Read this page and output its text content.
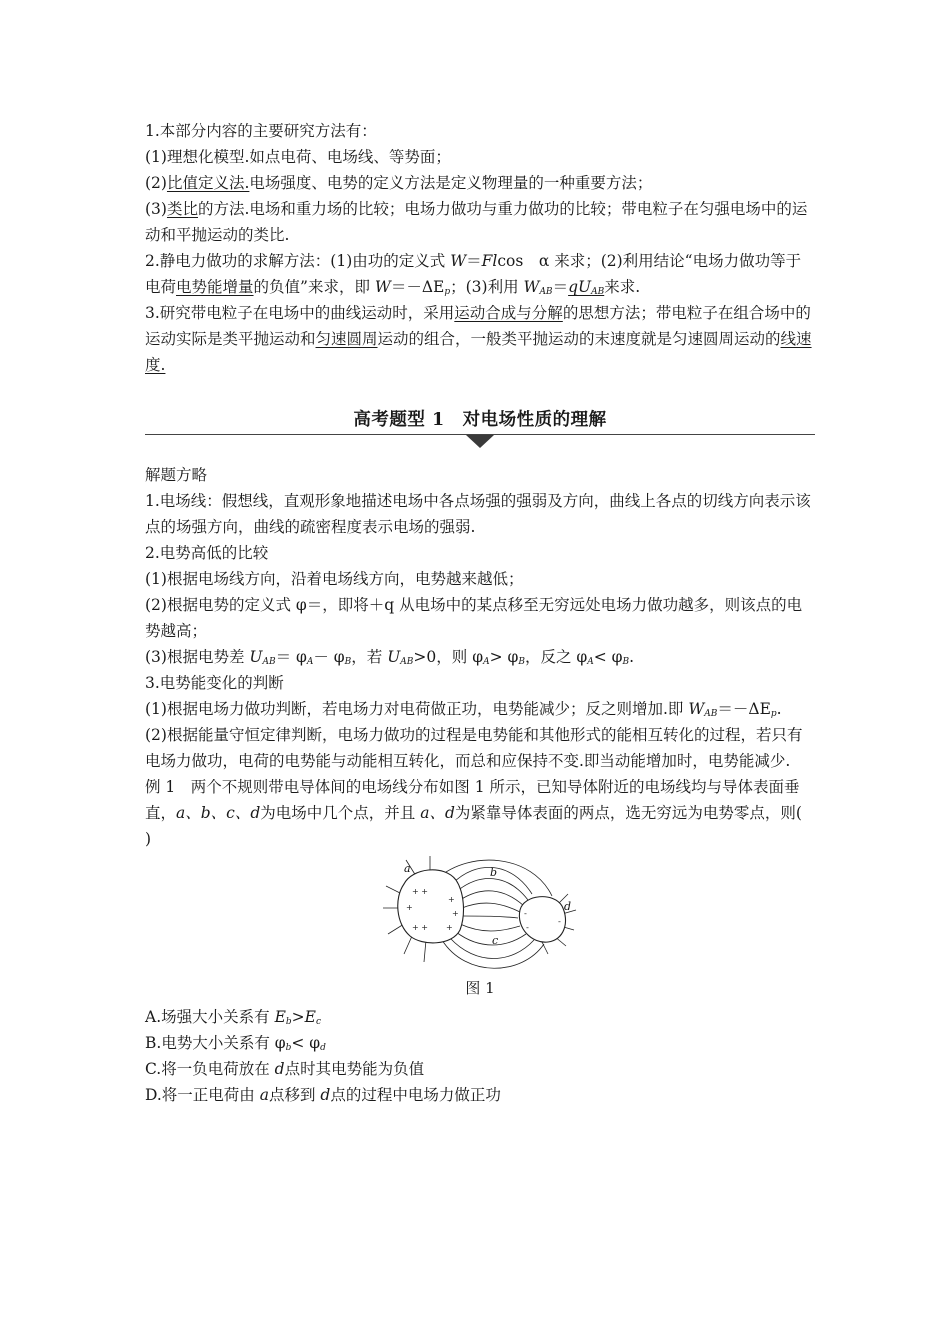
1.本部分内容的主要研究方法有：

(1)理想化模型.如点电荷、电场线、等势面；

(2)比值定义法.电场强度、电势的定义方法是定义物理量的一种重要方法；

(3)类比的方法.电场和重力场的比较；电场力做功与重力做功的比较；带电粒子在匀强电场中的运动和平抛运动的类比.

2.静电力做功的求解方法：(1)由功的定义式 W＝Flcos　α 来求；(2)利用结论“电场力做功等于电荷电势能增量的负值”来求，即 $W=-\Delta E_p$；(3)利用 $W_{AB}=qU_{AB}$来求.

3.研究带电粒子在电场中的曲线运动时，采用运动合成与分解的思想方法；带电粒子在组合场中的运动实际是类平抛运动和匀速圆周运动的组合，一般类平抛运动的末速度就是匀速圆周运动的线速度.

高考题型 1　对电场性质的理解

解题方略

1.电场线：假想线，直观形象地描述电场中各点场强的强弱及方向，曲线上各点的切线方向表示该点的场强方向，曲线的疏密程度表示电场的强弱.

2.电势高低的比较

(1)根据电场线方向，沿着电场线方向，电势越来越低；

(2)根据电势的定义式 φ＝，即将＋q 从电场中的某点移至无穷远处电场力做功越多，则该点的电势越高；

(3)根据电势差 $U_{AB}= \varphi_A- \varphi_B$，若 $U_{AB}>0$，则 $\varphi_A> \varphi_B$，反之 $\varphi_A< \varphi_B$.

3.电势能变化的判断

(1)根据电场力做功判断，若电场力对电荷做正功，电势能减少；反之则增加.即 $W_{AB}=-\Delta E_p$.

(2)根据能量守恒定律判断，电场力做功的过程是电势能和其他形式的能相互转化的过程，若只有电场力做功，电荷的电势能与动能相互转化，而总和应保持不变.即当动能增加时，电势能减少.

例 1　两个不规则带电导体间的电场线分布如图 1 所示，已知导体附近的电场线均与导体表面垂直，a、b、c、d为电场中几个点，并且 a、d为紧靠导体表面的两点，选无穷远为电势零点，则(　　)

+ +
+
+
+
+
+ +
-
-
-
a	b
c
d
图 1

A.场强大小关系有 $E_b>E_c$

B.电势大小关系有 $\varphi_b< \varphi_d$

C.将一负电荷放在 d点时其电势能为负值

D.将一正电荷由 a点移到 d点的过程中电场力做正功
